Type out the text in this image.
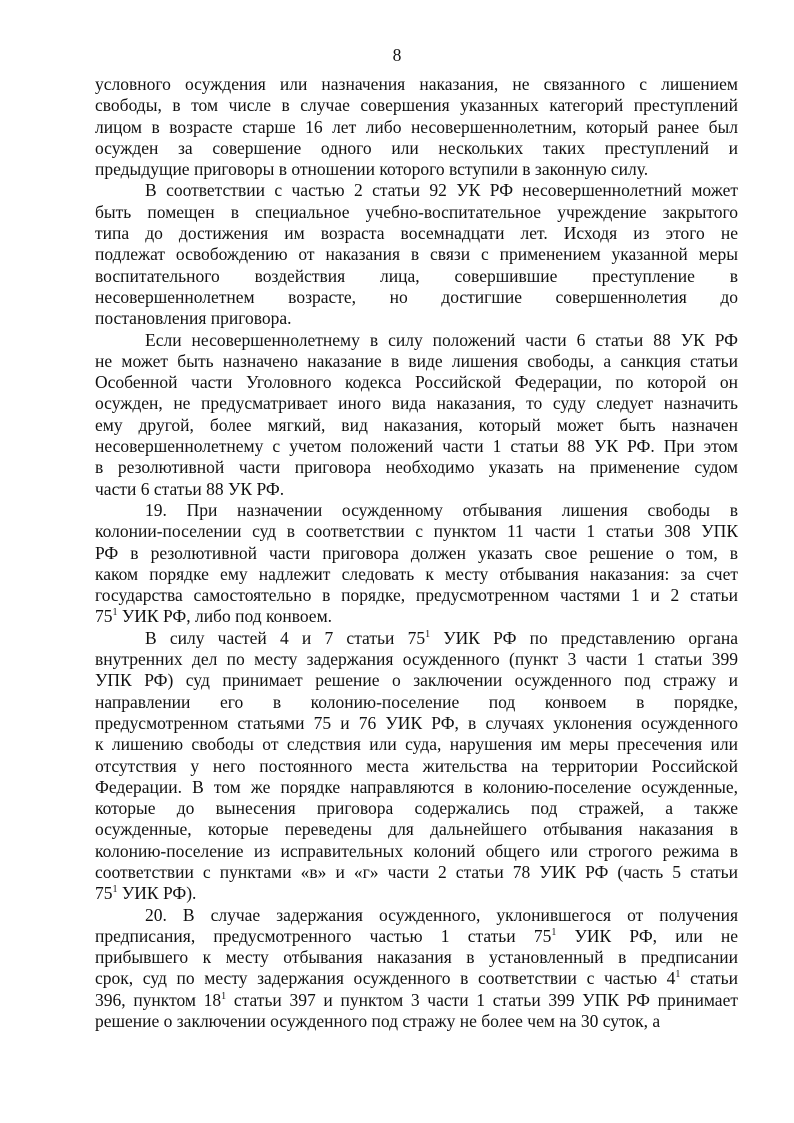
8
условного осуждения или назначения наказания, не связанного с лишением
свободы, в том числе в случае совершения указанных категорий преступлений
лицом в возрасте старше 16 лет либо несовершеннолетним, который ранее был
осужден за совершение одного или нескольких таких преступлений и
предыдущие приговоры в отношении которого вступили в законную силу.
В соответствии с частью 2 статьи 92 УК РФ несовершеннолетний может
быть помещен в специальное учебно-воспитательное учреждение закрытого
типа до достижения им возраста восемнадцати лет. Исходя из этого не
подлежат освобождению от наказания в связи с применением указанной меры
воспитательного воздействия лица, совершившие преступление в
несовершеннолетнем возрасте, но достигшие совершеннолетия до
постановления приговора.
Если несовершеннолетнему в силу положений части 6 статьи 88 УК РФ
не может быть назначено наказание в виде лишения свободы, а санкция статьи
Особенной части Уголовного кодекса Российской Федерации, по которой он
осужден, не предусматривает иного вида наказания, то суду следует назначить
ему другой, более мягкий, вид наказания, который может быть назначен
несовершеннолетнему с учетом положений части 1 статьи 88 УК РФ. При этом
в резолютивной части приговора необходимо указать на применение судом
части 6 статьи 88 УК РФ.
19. При назначении осужденному отбывания лишения свободы в
колонии-поселении суд в соответствии с пунктом 11 части 1 статьи 308 УПК
РФ в резолютивной части приговора должен указать свое решение о том, в
каком порядке ему надлежит следовать к месту отбывания наказания: за счет
государства самостоятельно в порядке, предусмотренном частями 1 и 2 статьи
$75^1$ УИК РФ, либо под конвоем.
В силу частей 4 и 7 статьи $75^1$ УИК РФ по представлению органа
внутренних дел по месту задержания осужденного (пункт 3 части 1 статьи 399
УПК РФ) суд принимает решение о заключении осужденного под стражу и
направлении его в колонию-поселение под конвоем в порядке,
предусмотренном статьями 75 и 76 УИК РФ, в случаях уклонения осужденного
к лишению свободы от следствия или суда, нарушения им меры пресечения или
отсутствия у него постоянного места жительства на территории Российской
Федерации. В том же порядке направляются в колонию-поселение осужденные,
которые до вынесения приговора содержались под стражей, а также
осужденные, которые переведены для дальнейшего отбывания наказания в
колонию-поселение из исправительных колоний общего или строгого режима в
соответствии с пунктами «в» и «г» части 2 статьи 78 УИК РФ (часть 5 статьи
$75^1$ УИК РФ).
20. В случае задержания осужденного, уклонившегося от получения
предписания, предусмотренного частью 1 статьи $75^1$ УИК РФ, или не
прибывшего к месту отбывания наказания в установленный в предписании
срок, суд по месту задержания осужденного в соответствии с частью $4^1$ статьи
396, пунктом $18^1$ статьи 397 и пунктом 3 части 1 статьи 399 УПК РФ принимает
решение о заключении осужденного под стражу не более чем на 30 суток, а
